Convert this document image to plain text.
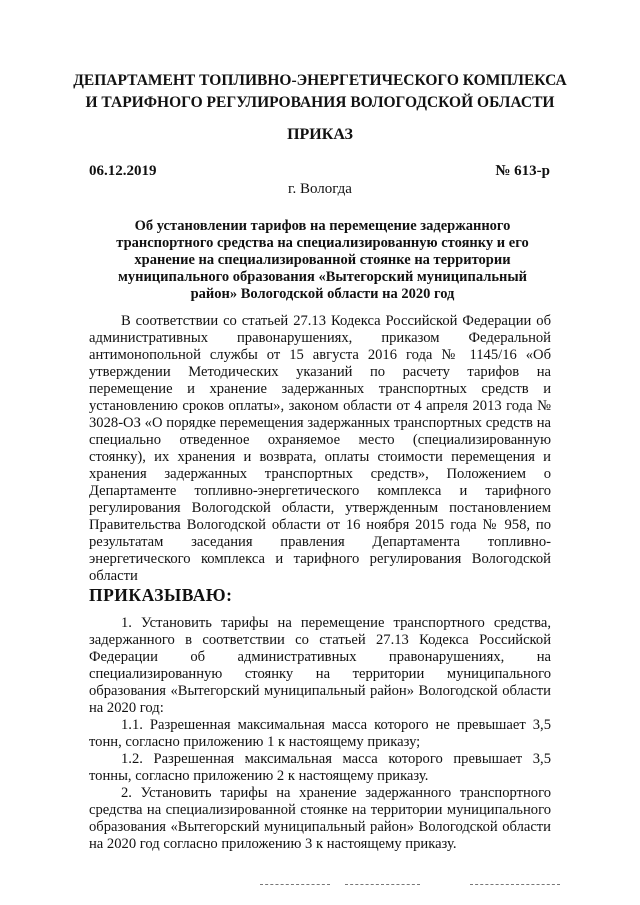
ДЕПАРТАМЕНТ ТОПЛИВНО-ЭНЕРГЕТИЧЕСКОГО КОМПЛЕКСА
И ТАРИФНОГО РЕГУЛИРОВАНИЯ ВОЛОГОДСКОЙ ОБЛАСТИ
ПРИКАЗ
06.12.2019	№ 613-р
г. Вологда
Об установлении тарифов на перемещение задержанного транспортного средства на специализированную стоянку и его хранение на специализированной стоянке на территории муниципального образования «Вытегорский муниципальный район» Вологодской области на 2020 год

В соответствии со статьей 27.13 Кодекса Российской Федерации об административных правонарушениях, приказом Федеральной антимонопольной службы от 15 августа 2016 года № 1145/16 «Об утверждении Методических указаний по расчету тарифов на перемещение и хранение задержанных транспортных средств и установлению сроков оплаты», законом области от 4 апреля 2013 года № 3028-ОЗ «О порядке перемещения задержанных транспортных средств на специально отведенное охраняемое место (специализированную стоянку), их хранения и возврата, оплаты стоимости перемещения и хранения задержанных транспортных средств», Положением о Департаменте топливно-энергетического комплекса и тарифного регулирования Вологодской области, утвержденным постановлением Правительства Вологодской области от 16 ноября 2015 года № 958, по результатам заседания правления Департамента топливно-энергетического комплекса и тарифного регулирования Вологодской области

ПРИКАЗЫВАЮ:

1. Установить тарифы на перемещение транспортного средства, задержанного в соответствии со статьей 27.13 Кодекса Российской Федерации об административных правонарушениях, на специализированную стоянку на территории муниципального образования «Вытегорский муниципальный район» Вологодской области на 2020 год:

1.1. Разрешенная максимальная масса которого не превышает 3,5 тонн, согласно приложению 1 к настоящему приказу;

1.2. Разрешенная максимальная масса которого превышает 3,5 тонны, согласно приложению 2 к настоящему приказу.

2. Установить тарифы на хранение задержанного транспортного средства на специализированной стоянке на территории муниципального образования «Вытегорский муниципальный район» Вологодской области на 2020 год согласно приложению 3 к настоящему приказу.
